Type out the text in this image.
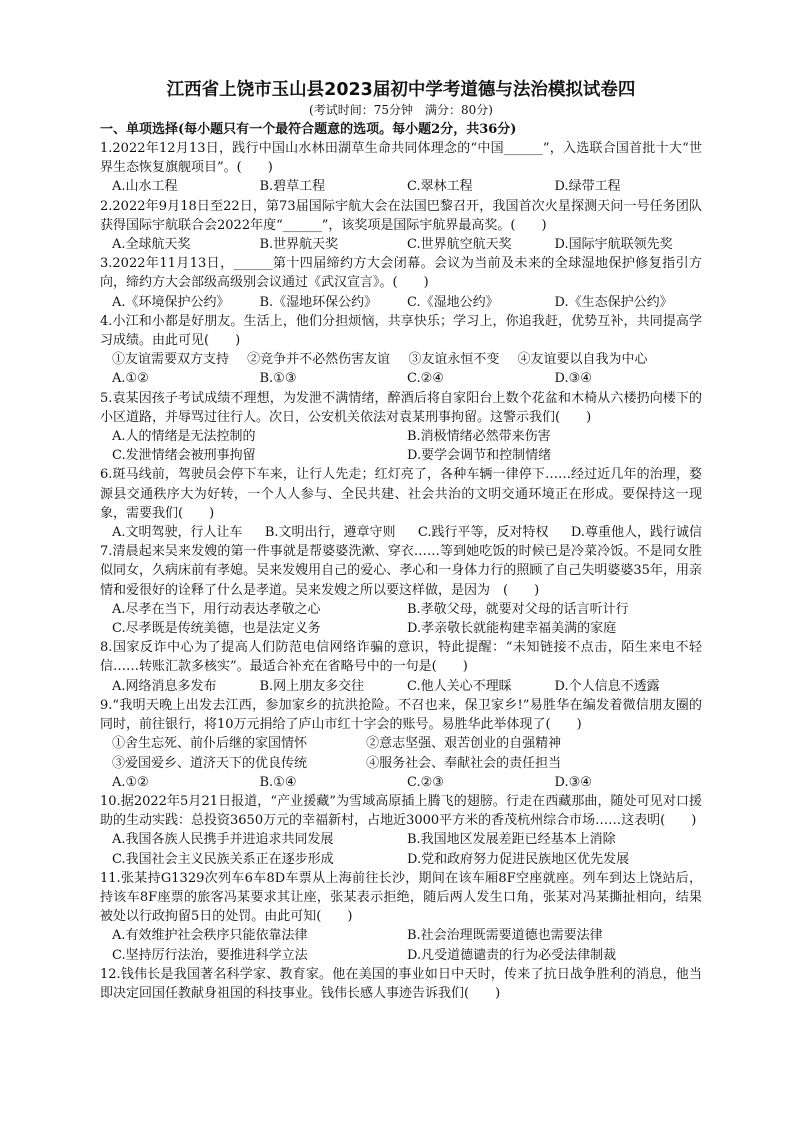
江西省上饶市玉山县2023届初中学考道德与法治模拟试卷四

(考试时间：75分钟　满分：80分)

一、单项选择(每小题只有一个最符合题意的选项。每小题2分，共36分)

1.2022年12月13日，践行中国山水林田湖草生命共同体理念的“中国______”，入选联合国首批十大“世界生态恢复旗舰项目”。(　　)

A.山水工程	B.碧草工程	C.翠林工程	D.绿带工程

2.2022年9月18日至22日，第73届国际宇航大会在法国巴黎召开，我国首次火星探测天问一号任务团队获得国际宇航联合会2022年度“______”，该奖项是国际宇航界最高奖。(　　)

A.全球航天奖	B.世界航天奖	C.世界航空航天奖	D.国际宇航联领先奖

3.2022年11月13日，______第十四届缔约方大会闭幕。会议为当前及未来的全球湿地保护修复指引方向，缔约方大会部级高级别会议通过《武汉宣言》。(　　)

A.《环境保护公约》	B.《湿地环保公约》	C.《湿地公约》	D.《生态保护公约》

4.小江和小都是好朋友。生活上，他们分担烦恼，共享快乐；学习上，你追我赶，优势互补，共同提高学习成绩。由此可见(　　)

①友谊需要双方支持 ②竞争并不必然伤害友谊 ③友谊永恒不变 ④友谊要以自我为中心
A.①②	B.①③	C.②④	D.③④

5.袁某因孩子考试成绩不理想，为发泄不满情绪，醉酒后将自家阳台上数个花盆和木椅从六楼扔向楼下的小区道路，并辱骂过往行人。次日，公安机关依法对袁某刑事拘留。这警示我们(　　)

A.人的情绪是无法控制的	B.消极情绪必然带来伤害
C.发泄情绪会被刑事拘留	D.要学会调节和控制情绪

6.斑马线前，驾驶员会停下车来，让行人先走；红灯亮了，各种车辆一律停下……经过近几年的治理，婺源县交通秩序大为好转，一个人人参与、全民共建、社会共治的文明交通环境正在形成。要保持这一现象，需要我们(　　)

A.文明驾驶，行人让车 B.文明出行，遵章守则 C.践行平等，反对特权 D.尊重他人，践行诚信

7.清晨起来吴来发嫂的第一件事就是帮婆婆洗漱、穿衣……等到她吃饭的时候已是冷菜冷饭。不是同女胜似同女，久病床前有孝媳。吴来发嫂用自己的爱心、孝心和一身体力行的照顾了自己失明婆婆35年，用亲情和爱很好的诠释了什么是孝道。吴来发嫂之所以要这样做，是因为　(　　)

A.尽孝在当下，用行动表达孝敬之心	B.孝敬父母，就要对父母的话言听计行
C.尽孝既是传统美德，也是法定义务	D.孝亲敬长就能构建幸福美满的家庭

8.国家反诈中心为了提高人们防范电信网络诈骗的意识，特此提醒：“未知链接不点击，陌生来电不轻信……转账汇款多核实”。最适合补充在省略号中的一句是(　　)

A.网络消息多发布	B.网上朋友多交往	C.他人关心不理睬	D.个人信息不透露

9.“我明天晚上出发去江西，参加家乡的抗洪抢险。不召也来，保卫家乡!”易胜华在编发着微信朋友圈的同时，前往银行，将10万元捐给了庐山市红十字会的账号。易胜华此举体现了(　　)

①舍生忘死、前仆后继的家国情怀	②意志坚强、艰苦创业的自强精神
③爱国爱乡、道济天下的优良传统	④服务社会、奉献社会的责任担当
A.①②	B.①④	C.②③	D.③④

10.据2022年5月21日报道，“产业援藏”为雪域高原插上腾飞的翅膀。行走在西藏那曲，随处可见对口援助的生动实践：总投资3650万元的幸福新村，占地近3000平方米的香茂杭州综合市场……这表明(　　)

A.我国各族人民携手并进追求共同发展	B.我国地区发展差距已经基本上消除
C.我国社会主义民族关系正在逐步形成	D.党和政府努力促进民族地区优先发展

11.张某持G1329次列车6车8D车票从上海前往长沙，期间在该车厢8F空座就座。列车到达上饶站后，持该车8F座票的旅客冯某要求其让座，张某表示拒绝，随后两人发生口角，张某对冯某撕扯相向，结果被处以行政拘留5日的处罚。由此可知(　　)

A.有效维护社会秩序只能依靠法律	B.社会治理既需要道德也需要法律
C.坚持厉行法治，要推进科学立法	D.凡受道德谴责的行为必受法律制裁

12.钱伟长是我国著名科学家、教育家。他在美国的事业如日中天时，传来了抗日战争胜利的消息，他当即决定回国任教献身祖国的科技事业。钱伟长感人事迹告诉我们(　　)
